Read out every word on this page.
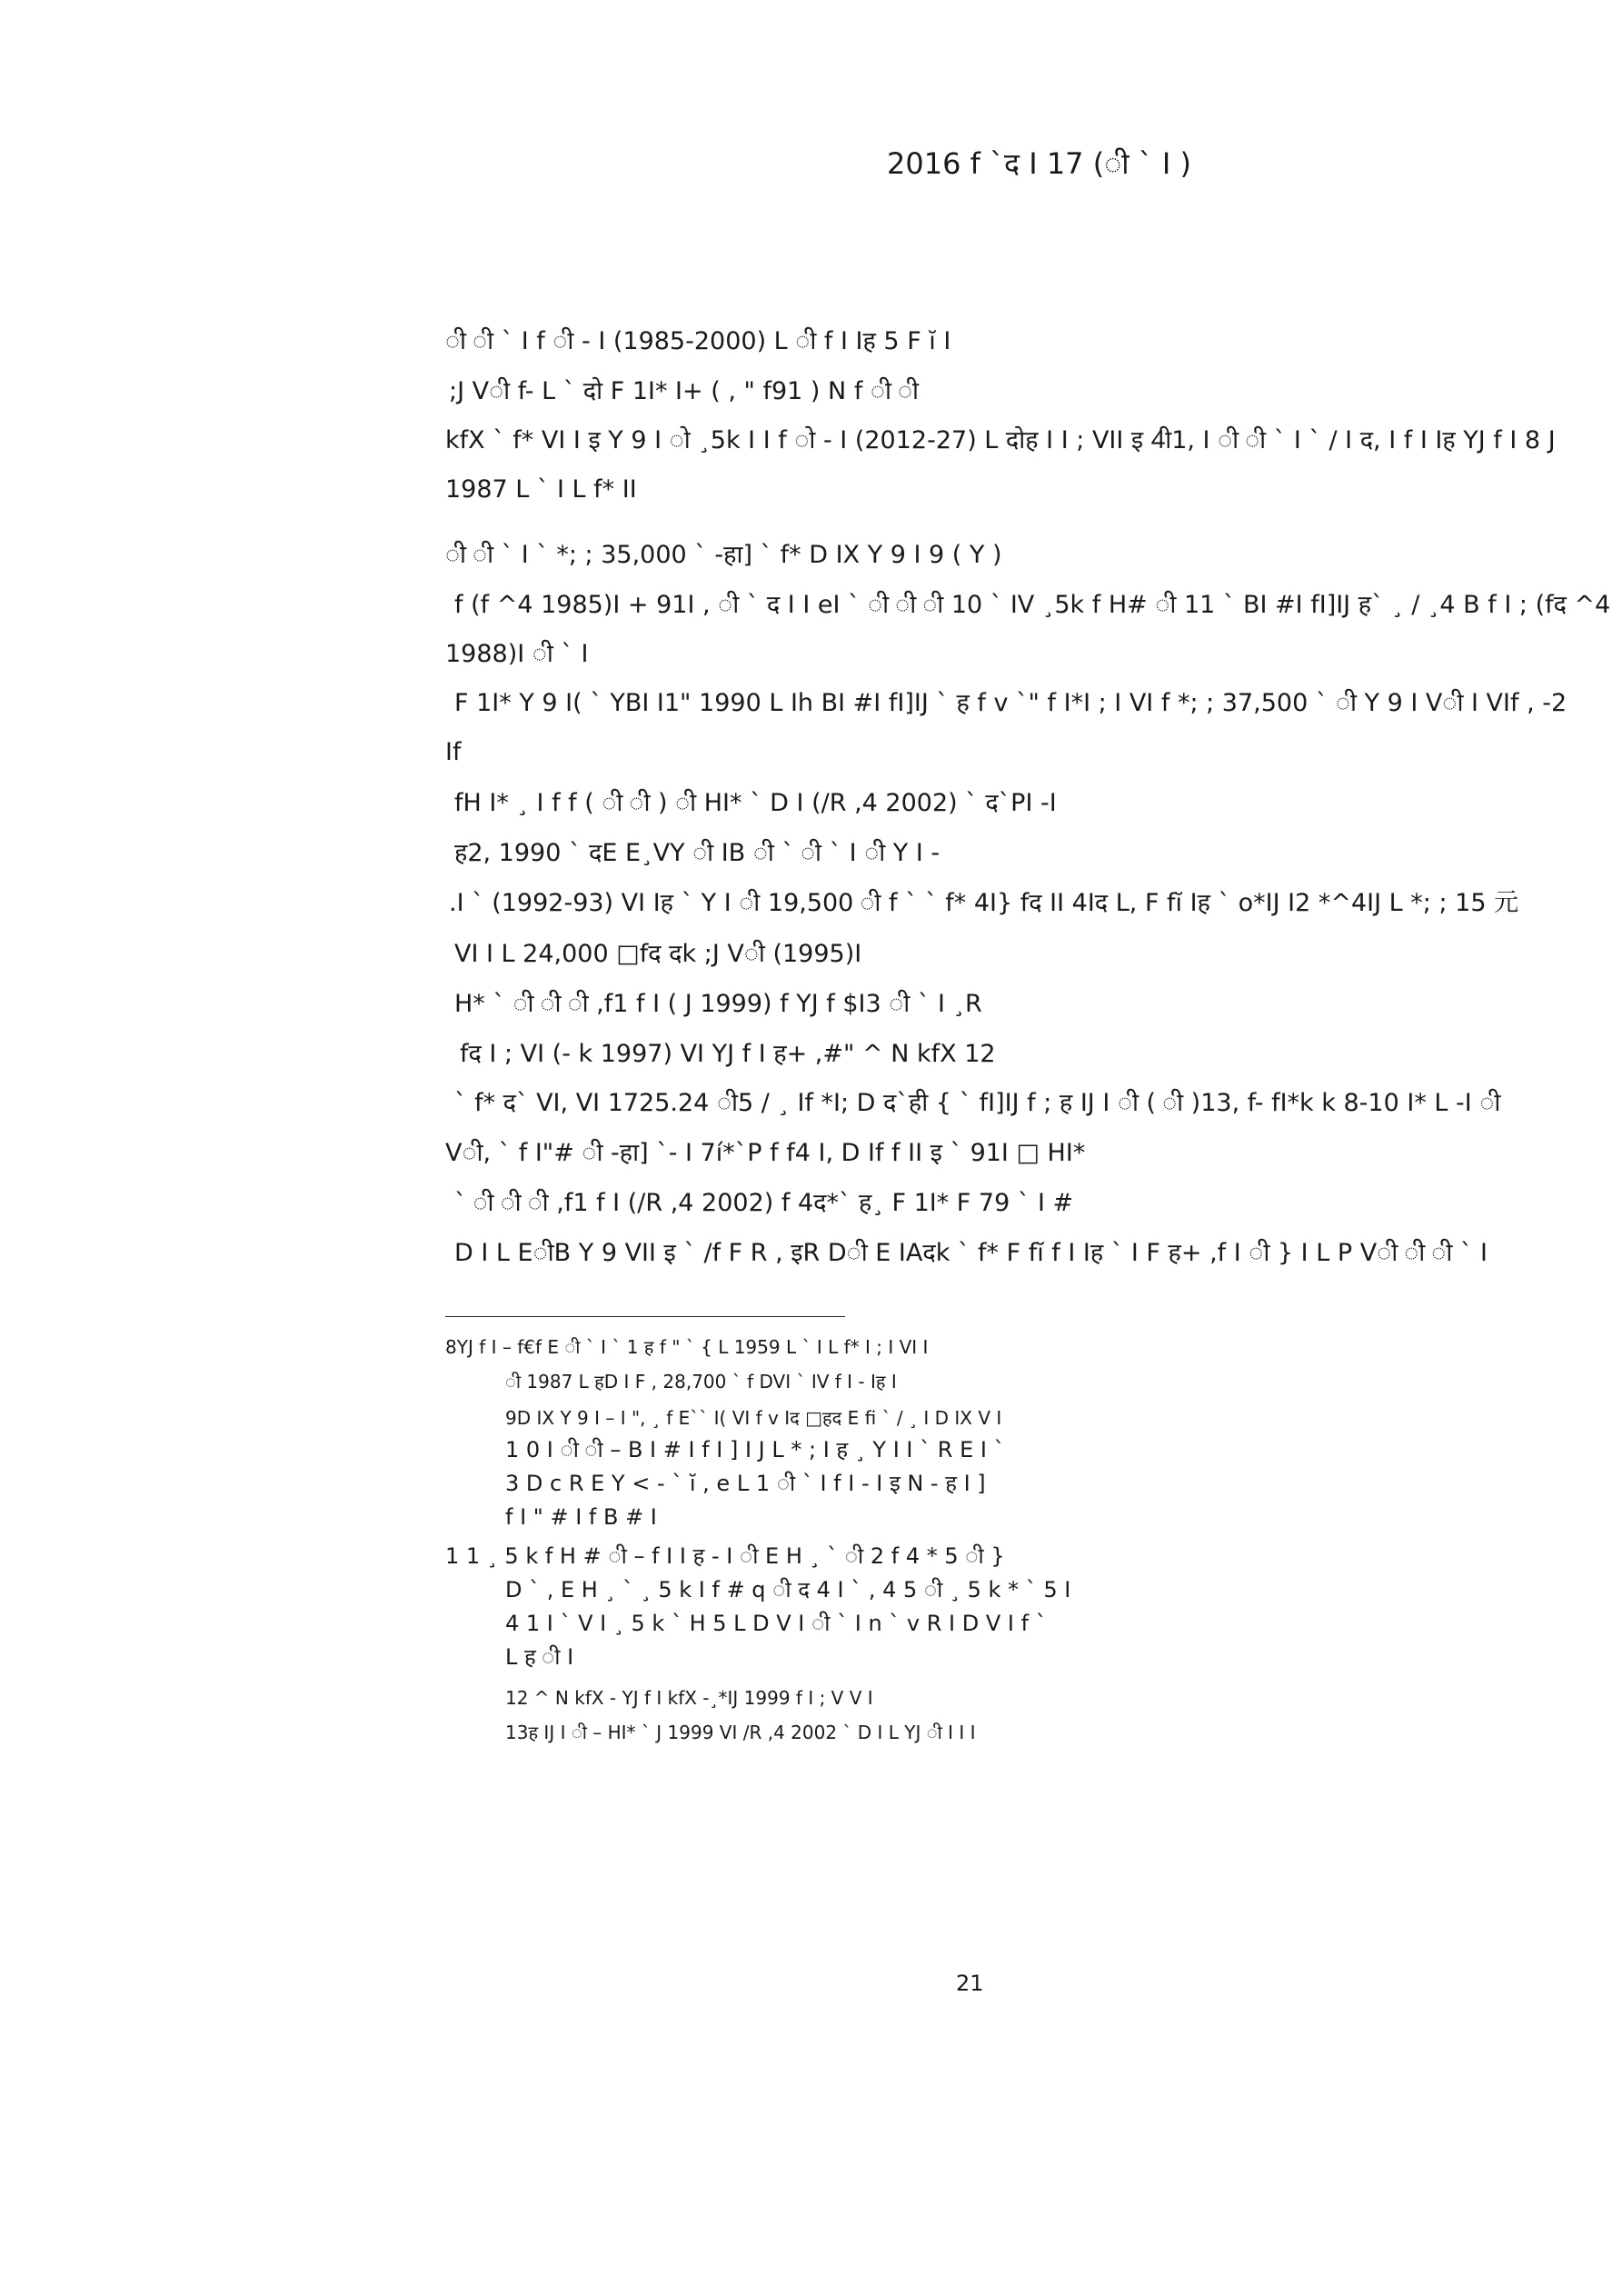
2016 f `द I 17 (ी ` I )
ी ी ` I f ी - I (1985-2000) L ी f I Iह 5 F ĭ I
;J Vी f- L ` दो F 1I* I+ ( , " f91 ) N f ी ी
kfX ` f* VI I इ Y 9 I ो ¸5k I I f ो - I (2012-27) L दोह I I ; VII इ 4ी1, I ी ी ` I ` / I द, I f I Iह YJ f I 8 J
1987 L ` I L f* II
ी ी ` I ` *; ; 35,000 ` -हा] ` f* D IX Y 9 I 9 ( Y )
f (f ^4 1985)I + 91I , ी ` द I I eI ` ी ी ी 10 ` IV ¸5k f H# ी 11 ` BI #I fI]IJ ह` ¸ / ¸4 B f I ; (fद ^4
1988)I ी ` I
F 1I* Y 9 I( ` YBI I1" 1990 L Ih BI #I fI]IJ ` ह f v `" f I*I ; I VI f *; ; 37,500 ` ी Y 9 I Vी I VIf , -2
If
fH I* ¸ I f f ( ी ी ) ी HI* ` D I (/R ,4 2002) ` द`PI -I
ह2, 1990 ` दE E¸VY ी IB ी ` ी ` I ी Y I -
.I ` (1992-93) VI Iह ` Y I ी 19,500 ी f ` ` f* 4I} fद II 4Iद L, F fĭ Iह ` o*IJ I2 *^4IJ L *; ; 15 元
VI I L 24,000 □fद दk ;J Vी (1995)I
H* ` ी ी ी ,f1 f I ( J 1999) f YJ f $I3 ी ` I ¸R
fद I ; VI (- k 1997) VI YJ f I ह+ ,#" ^ N kfX 12
` f* द` VI, VI 1725.24 ी5 / ¸ If *I; D द`ही { ` fI]IJ f ; ह IJ I ी ( ी )13, f- fI*k k 8-10 I* L -I ी
Vी, ` f I"# ी -हा] `- I 7í*`P f f4 I, D If f II इ ` 91I □ HI*
` ी ी ी ,f1 f I (/R ,4 2002) f 4द*` ह¸ F 1I* F 79 ` I #
D I L EीB Y 9 VII इ ` /f F R , इR Dी E IAदk ` f* F fĭ f I Iह ` I F ह+ ,f I ी } I L P Vी ी ी ` I
8YJ f I – f€f E ी ` I ` 1 ह f " ` { L 1959 L ` I L f* I ; I VI I
ी 1987 L हD I F , 28,700 ` f DVI ` IV f I - Iह I
9D IX Y 9 I – I ", ¸ f E`` I( VI f v Iद □हद E fi ` / ¸ I D IX V I
1 0 I ी ी – B I # I f I ] I J L * ; I ह ¸ Y I I ` R E I `
3 D c R E Y < - ` ĭ , e L 1 ी ` I f I - I इ N - ह I ]
f I " # I f B # I
1 1 ¸ 5 k f H # ी – f I I ह - I ी E H ¸ ` ी 2 f 4 * 5 ी }
D ` , E H ¸ ` ¸ 5 k I f # q ी द 4 I ` , 4 5 ी ¸ 5 k * ` 5 I
4 1 I ` V I ¸ 5 k ` H 5 L D V I ी ` I n ` v R I D V I f `
L ह ी I
12 ^ N kfX - YJ f I kfX -¸*IJ 1999 f I ; V V I
13ह IJ I ी – HI* ` J 1999 VI /R ,4 2002 ` D I L YJ ी I I I
21
